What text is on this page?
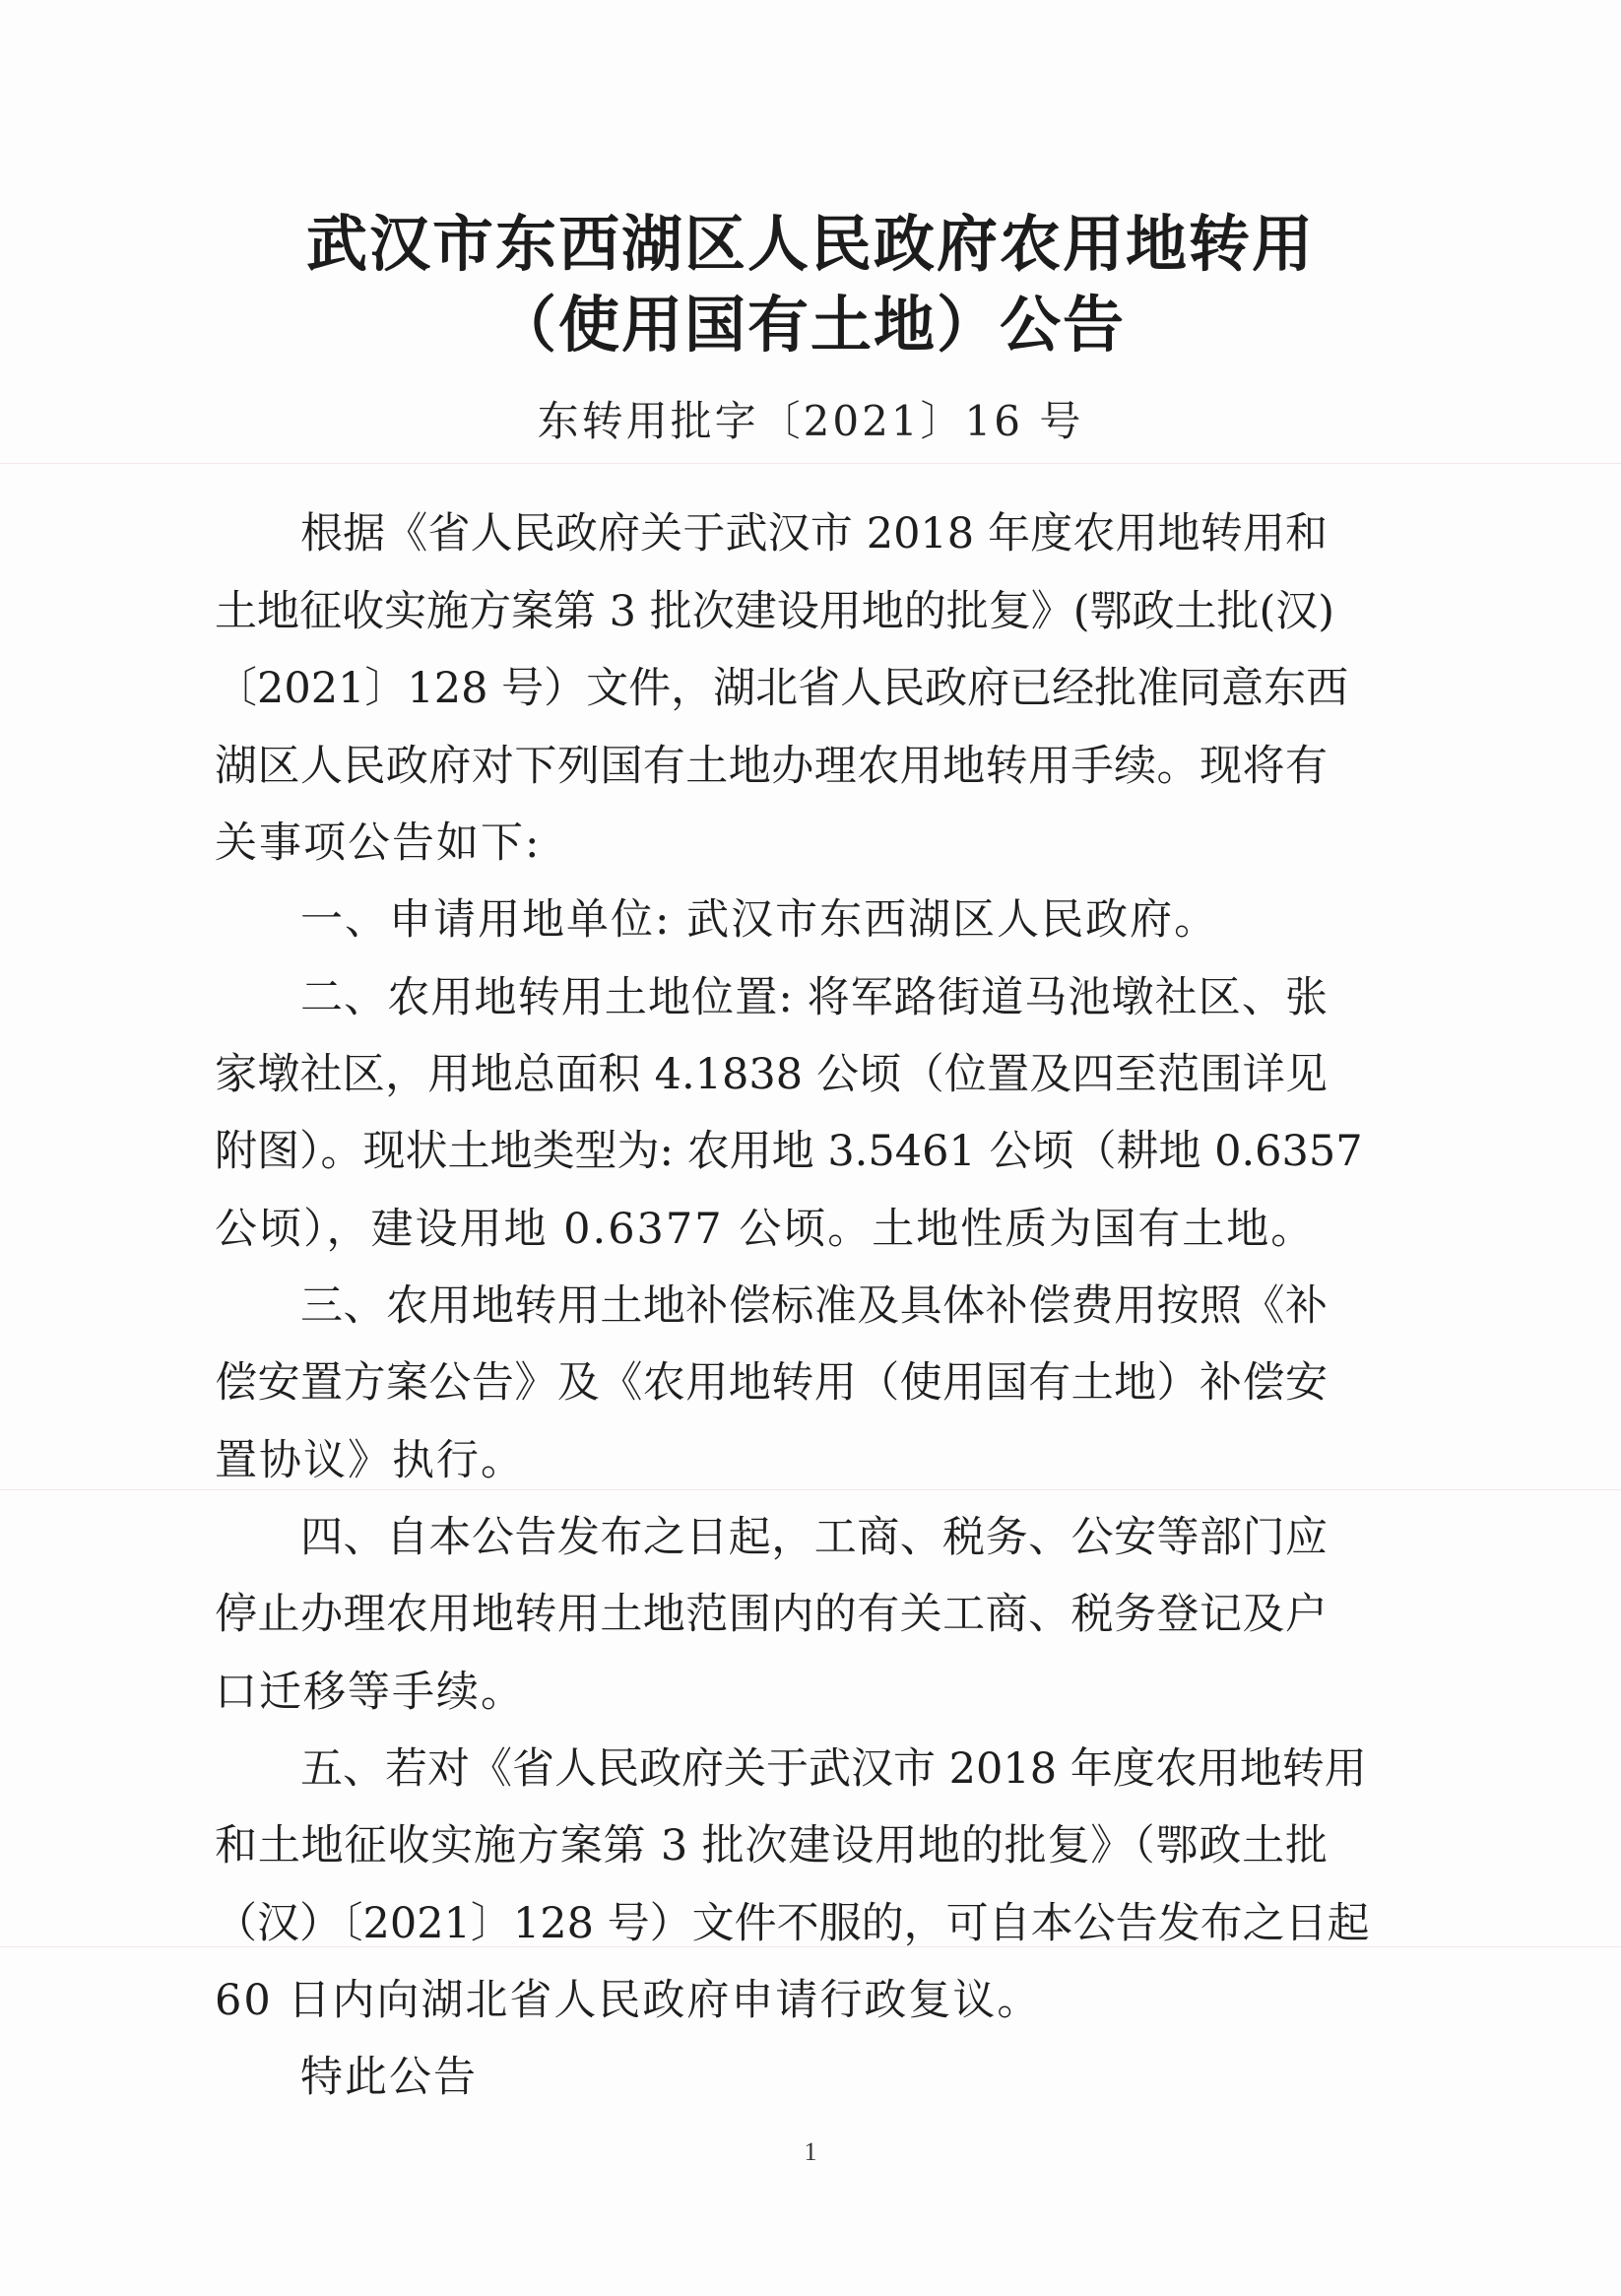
武汉市东西湖区人民政府农用地转用
（使用国有土地）公告
东转用批字〔2021〕16 号
根据《省人民政府关于武汉市 2018 年度农用地转用和
土地征收实施方案第 3 批次建设用地的批复》(鄂政土批(汉)
〔2021〕128 号）文件，湖北省人民政府已经批准同意东西
湖区人民政府对下列国有土地办理农用地转用手续。现将有
关事项公告如下:
一、申请用地单位: 武汉市东西湖区人民政府。
二、农用地转用土地位置: 将军路街道马池墩社区、张
家墩社区，用地总面积 4.1838 公顷（位置及四至范围详见
附图）。现状土地类型为: 农用地 3.5461 公顷（耕地 0.6357
公顷），建设用地 0.6377 公顷。土地性质为国有土地。
三、农用地转用土地补偿标准及具体补偿费用按照《补
偿安置方案公告》及《农用地转用（使用国有土地）补偿安
置协议》执行。
四、自本公告发布之日起，工商、税务、公安等部门应
停止办理农用地转用土地范围内的有关工商、税务登记及户
口迁移等手续。
五、若对《省人民政府关于武汉市 2018 年度农用地转用
和土地征收实施方案第 3 批次建设用地的批复》（鄂政土批
（汉）〔2021〕128 号）文件不服的，可自本公告发布之日起
60 日内向湖北省人民政府申请行政复议。
特此公告
1
